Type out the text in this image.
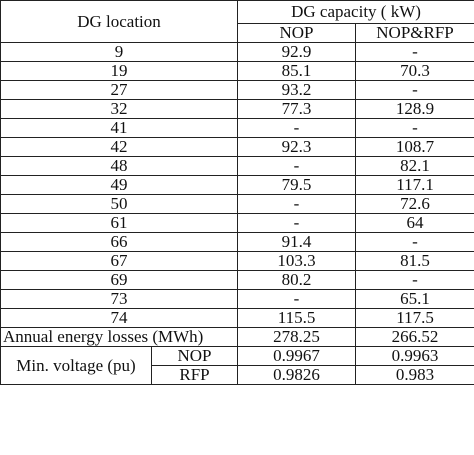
DG location		DG capacity ( kW)	
		NOP	NOP&RFP
9		92.9	-
19		85.1	70.3
27		93.2	-
32		77.3	128.9
41		-	-
42		92.3	108.7
48		-	82.1
49		79.5	117.1
50		-	72.6
61		-	64
66		91.4	-
67		103.3	81.5
69		80.2	-
73		-	65.1
74		115.5	117.5
Annual energy losses (MWh)		278.25	266.52
Min. voltage (pu)	NOP	0.9967	0.9963
	RFP	0.9826	0.983
